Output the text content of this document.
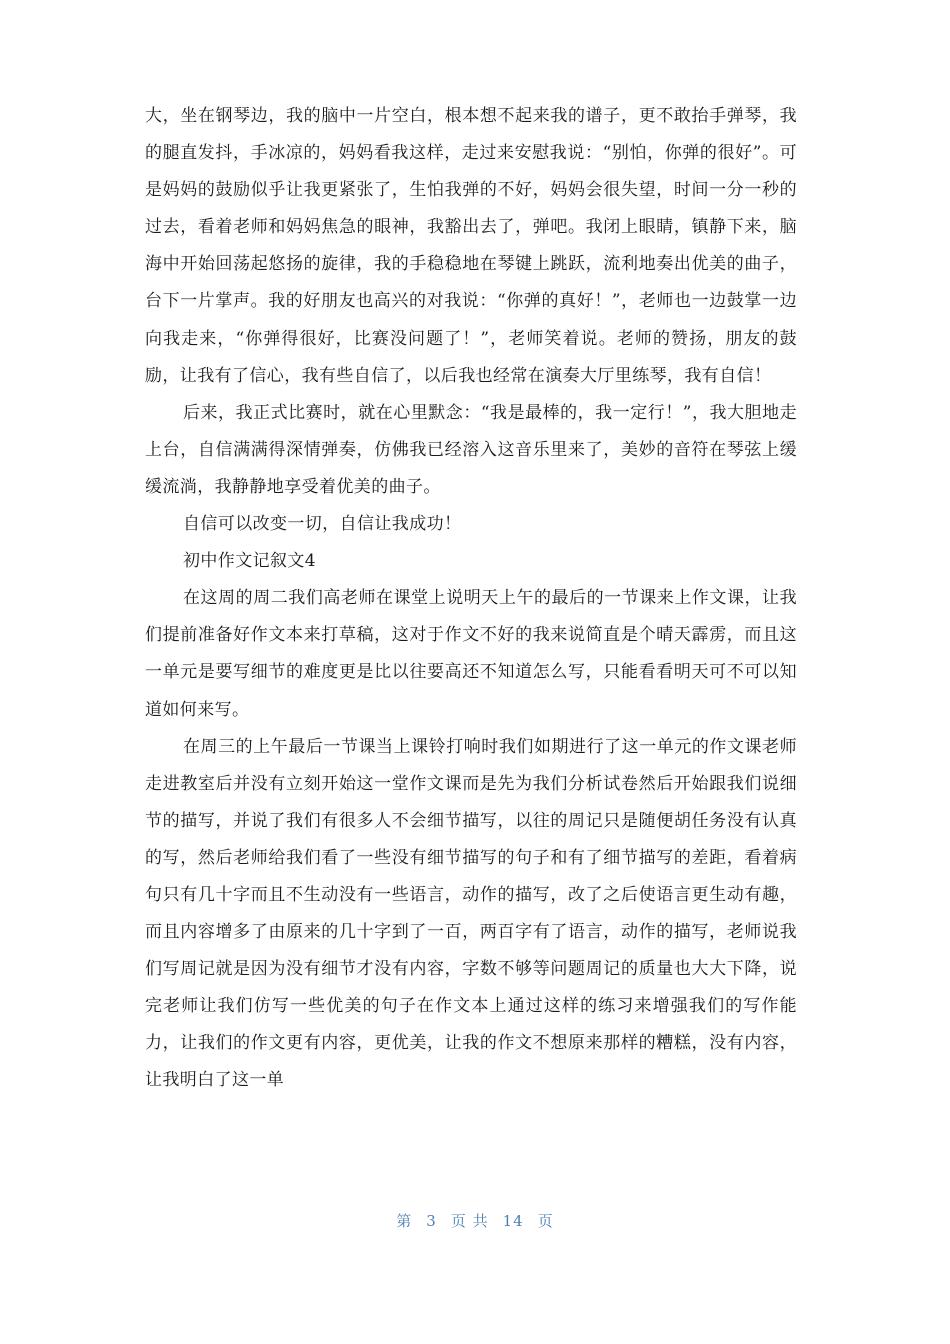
大，坐在钢琴边，我的脑中一片空白，根本想不起来我的谱子，更不敢抬手弹琴，我的腿直发抖，手冰凉的，妈妈看我这样，走过来安慰我说：“别怕，你弹的很好”。可是妈妈的鼓励似乎让我更紧张了，生怕我弹的不好，妈妈会很失望，时间一分一秒的过去，看着老师和妈妈焦急的眼神，我豁出去了，弹吧。我闭上眼睛，镇静下来，脑海中开始回荡起悠扬的旋律，我的手稳稳地在琴键上跳跃，流利地奏出优美的曲子，台下一片掌声。我的好朋友也高兴的对我说：“你弹的真好！”，老师也一边鼓掌一边向我走来，“你弹得很好，比赛没问题了！”，老师笑着说。老师的赞扬，朋友的鼓励，让我有了信心，我有些自信了，以后我也经常在演奏大厅里练琴，我有自信！

后来，我正式比赛时，就在心里默念：“我是最棒的，我一定行！”，我大胆地走上台，自信满满得深情弹奏，仿佛我已经溶入这音乐里来了，美妙的音符在琴弦上缓缓流淌，我静静地享受着优美的曲子。

自信可以改变一切，自信让我成功！

初中作文记叙文4

在这周的周二我们高老师在课堂上说明天上午的最后的一节课来上作文课，让我们提前准备好作文本来打草稿，这对于作文不好的我来说简直是个晴天霹雳，而且这一单元是要写细节的难度更是比以往要高还不知道怎么写，只能看看明天可不可以知道如何来写。

在周三的上午最后一节课当上课铃打响时我们如期进行了这一单元的作文课老师走进教室后并没有立刻开始这一堂作文课而是先为我们分析试卷然后开始跟我们说细节的描写，并说了我们有很多人不会细节描写，以往的周记只是随便胡任务没有认真的写，然后老师给我们看了一些没有细节描写的句子和有了细节描写的差距，看着病句只有几十字而且不生动没有一些语言，动作的描写，改了之后使语言更生动有趣，而且内容增多了由原来的几十字到了一百，两百字有了语言，动作的描写，老师说我们写周记就是因为没有细节才没有内容，字数不够等问题周记的质量也大大下降，说完老师让我们仿写一些优美的句子在作文本上通过这样的练习来增强我们的写作能力，让我们的作文更有内容，更优美，让我的作文不想原来那样的糟糕，没有内容，让我明白了这一单

第 3 页 共 14 页
